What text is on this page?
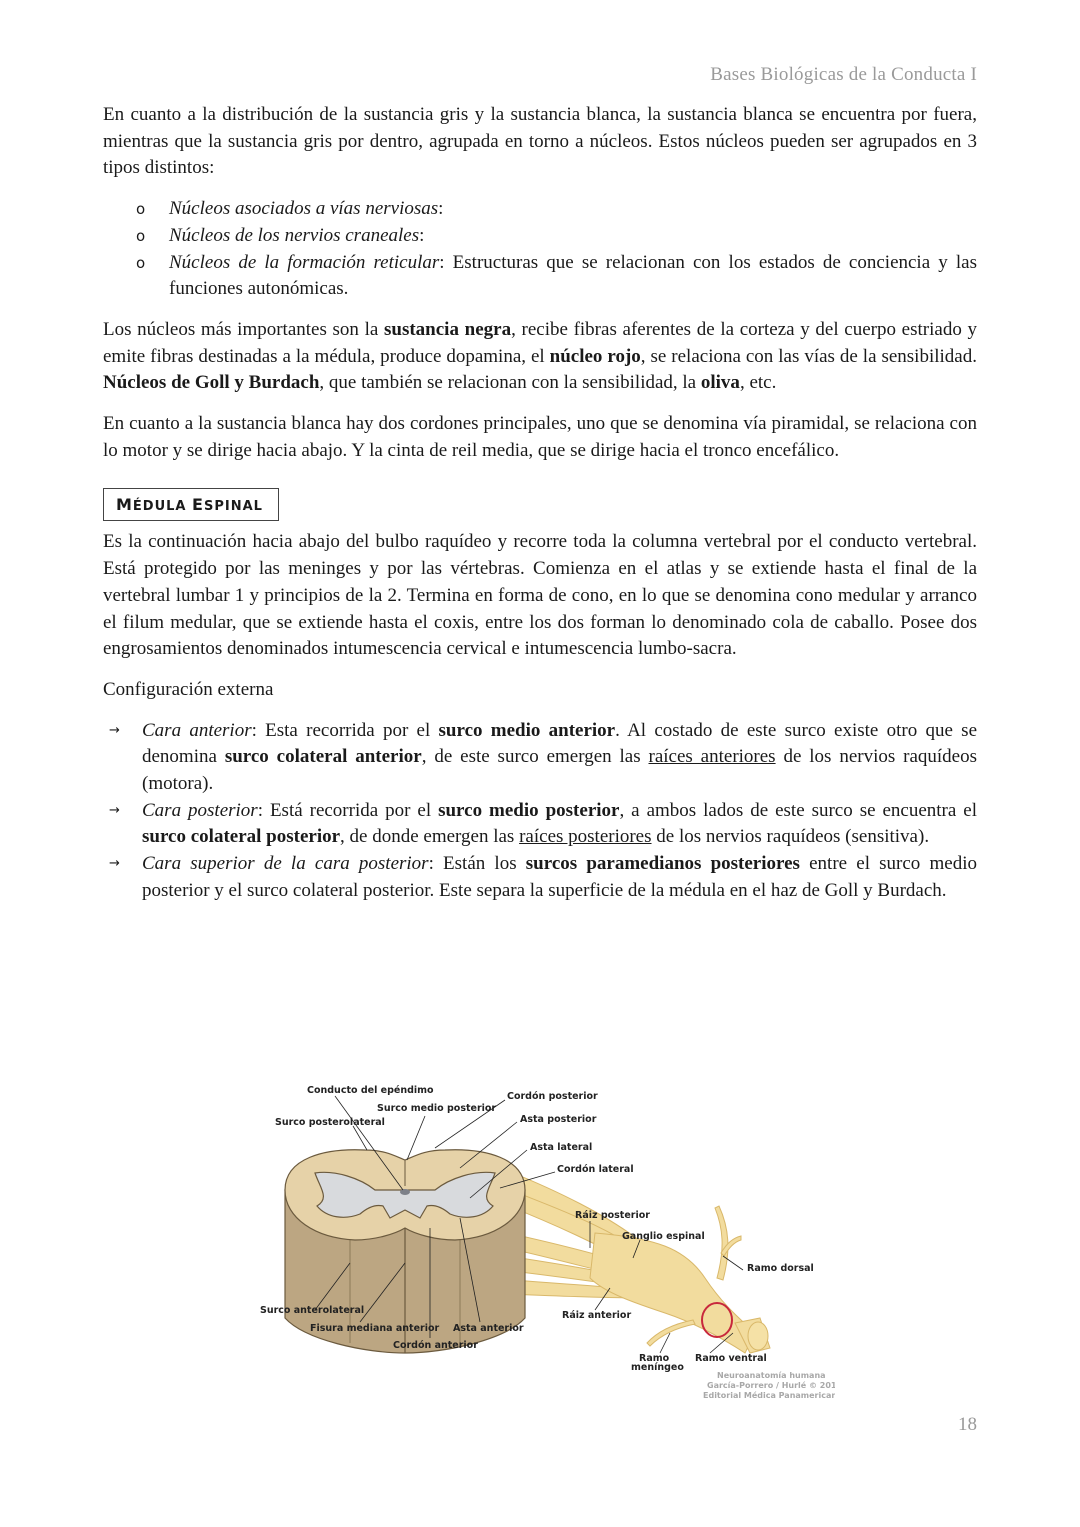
Bases Biológicas de la Conducta I

En cuanto a la distribución de la sustancia gris y la sustancia blanca, la sustancia blanca se encuentra por fuera, mientras que la sustancia gris por dentro, agrupada en torno a núcleos. Estos núcleos pueden ser agrupados en 3 tipos distintos:

o Núcleos asociados a vías nerviosas:
o Núcleos de los nervios craneales:
o Núcleos de la formación reticular: Estructuras que se relacionan con los estados de conciencia y las funciones autonómicas.

Los núcleos más importantes son la sustancia negra, recibe fibras aferentes de la corteza y del cuerpo estriado y emite fibras destinadas a la médula, produce dopamina, el núcleo rojo, se relaciona con las vías de la sensibilidad. Núcleos de Goll y Burdach, que también se relacionan con la sensibilidad, la oliva, etc.

En cuanto a la sustancia blanca hay dos cordones principales, uno que se denomina vía piramidal, se relaciona con lo motor y se dirige hacia abajo. Y la cinta de reil media, que se dirige hacia el tronco encefálico.

MÉDULA ESPINAL

Es la continuación hacia abajo del bulbo raquídeo y recorre toda la columna vertebral por el conducto vertebral. Está protegido por las meninges y por las vértebras. Comienza en el atlas y se extiende hasta el final de la vertebral lumbar 1 y principios de la 2. Termina en forma de cono, en lo que se denomina cono medular y arranco el filum medular, que se extiende hasta el coxis, entre los dos forman lo denominado cola de caballo. Posee dos engrosamientos denominados intumescencia cervical e intumescencia lumbo-sacra.

Configuración externa

→ Cara anterior: Esta recorrida por el surco medio anterior. Al costado de este surco existe otro que se denomina surco colateral anterior, de este surco emergen las raíces anteriores de los nervios raquídeos (motora).
→ Cara posterior: Está recorrida por el surco medio posterior, a ambos lados de este surco se encuentra el surco colateral posterior, de donde emergen las raíces posteriores de los nervios raquídeos (sensitiva).
→ Cara superior de la cara posterior: Están los surcos paramedianos posteriores entre el surco medio posterior y el surco colateral posterior. Este separa la superficie de la médula en el haz de Goll y Burdach.
Conducto del epéndimo
Surco medio posterior
Surco posterolateral
Cordón posterior
Asta posterior
Asta lateral
Cordón lateral
Ráiz posterior
Ganglio espinal
Ramo dorsal
Surco anterolateral
Fisura mediana anterior Asta anterior
Cordón anterior
Ráiz anterior
Ramo
meníngeo
Ramo ventral
Neuroanatomía humana
García-Porrero / Hurlé © 2014
Editorial Médica Panamericana
18
